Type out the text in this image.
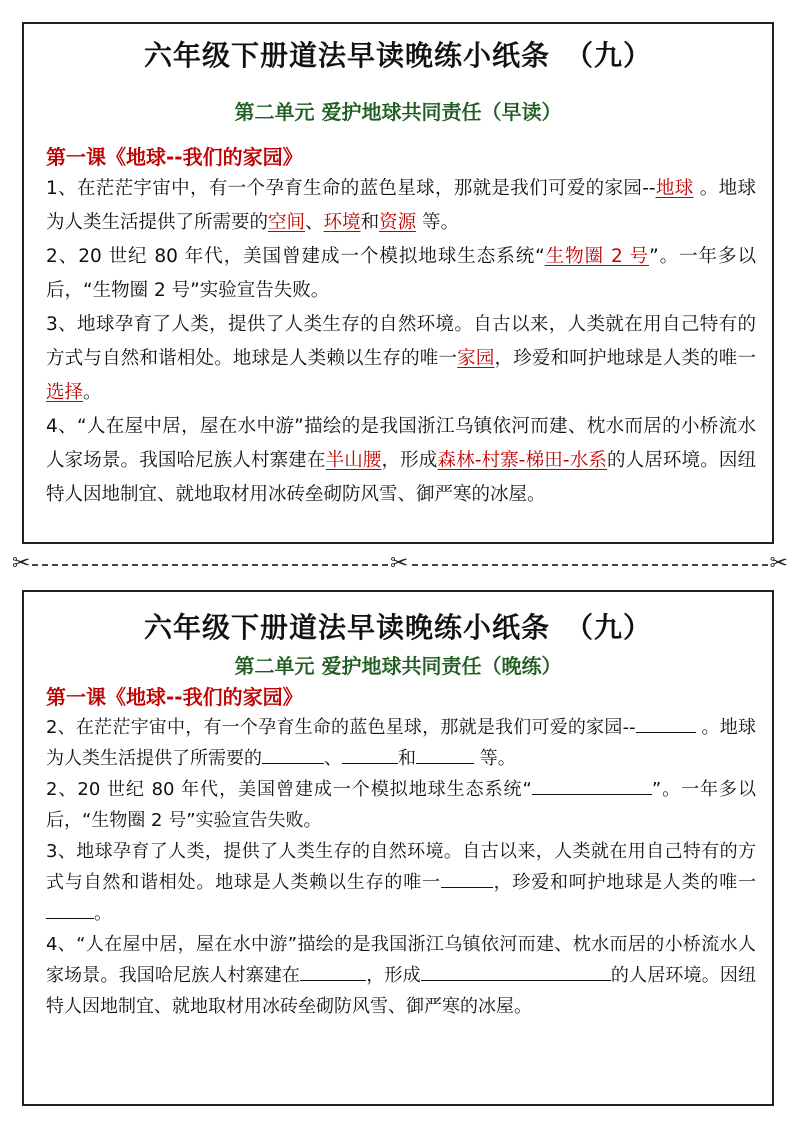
六年级下册道法早读晚练小纸条　（九）
第二单元 爱护地球共同责任（早读）
第一课《地球--我们的家园》

1、在茫茫宇宙中，有一个孕育生命的蓝色星球，那就是我们可爱的家园--地球 。地球为人类生活提供了所需要的空间、环境和资源 等。

2、20 世纪 80 年代，美国曾建成一个模拟地球生态系统“生物圈 2 号”。一年多以后，“生物圈 2 号”实验宣告失败。

3、地球孕育了人类，提供了人类生存的自然环境。自古以来，人类就在用自己特有的方式与自然和谐相处。地球是人类赖以生存的唯一家园，珍爱和呵护地球是人类的唯一选择。

4、“人在屋中居，屋在水中游”描绘的是我国浙江乌镇依河而建、枕水而居的小桥流水人家场景。我国哈尼族人村寨建在半山腰，形成森林-村寨-梯田-水系的人居环境。因纽特人因地制宜、就地取材用冰砖垒砌防风雪、御严寒的冰屋。

✂	✂	✂
六年级下册道法早读晚练小纸条　（九）
第二单元 爱护地球共同责任（晚练）
第一课《地球--我们的家园》

2、在茫茫宇宙中，有一个孕育生命的蓝色星球，那就是我们可爱的家园--	。地球为人类生活提供了所需要的	、	和	等。

2、20 世纪 80 年代，美国曾建成一个模拟地球生态系统“	”。一年多以后，“生物圈 2 号”实验宣告失败。

3、地球孕育了人类，提供了人类生存的自然环境。自古以来，人类就在用自己特有的方式与自然和谐相处。地球是人类赖以生存的唯一	，珍爱和呵护地球是人类的唯一。

4、“人在屋中居，屋在水中游”描绘的是我国浙江乌镇依河而建、枕水而居的小桥流水人家场景。我国哈尼族人村寨建在	，形成	的人居环境。因纽特人因地制宜、就地取材用冰砖垒砌防风雪、御严寒的冰屋。
